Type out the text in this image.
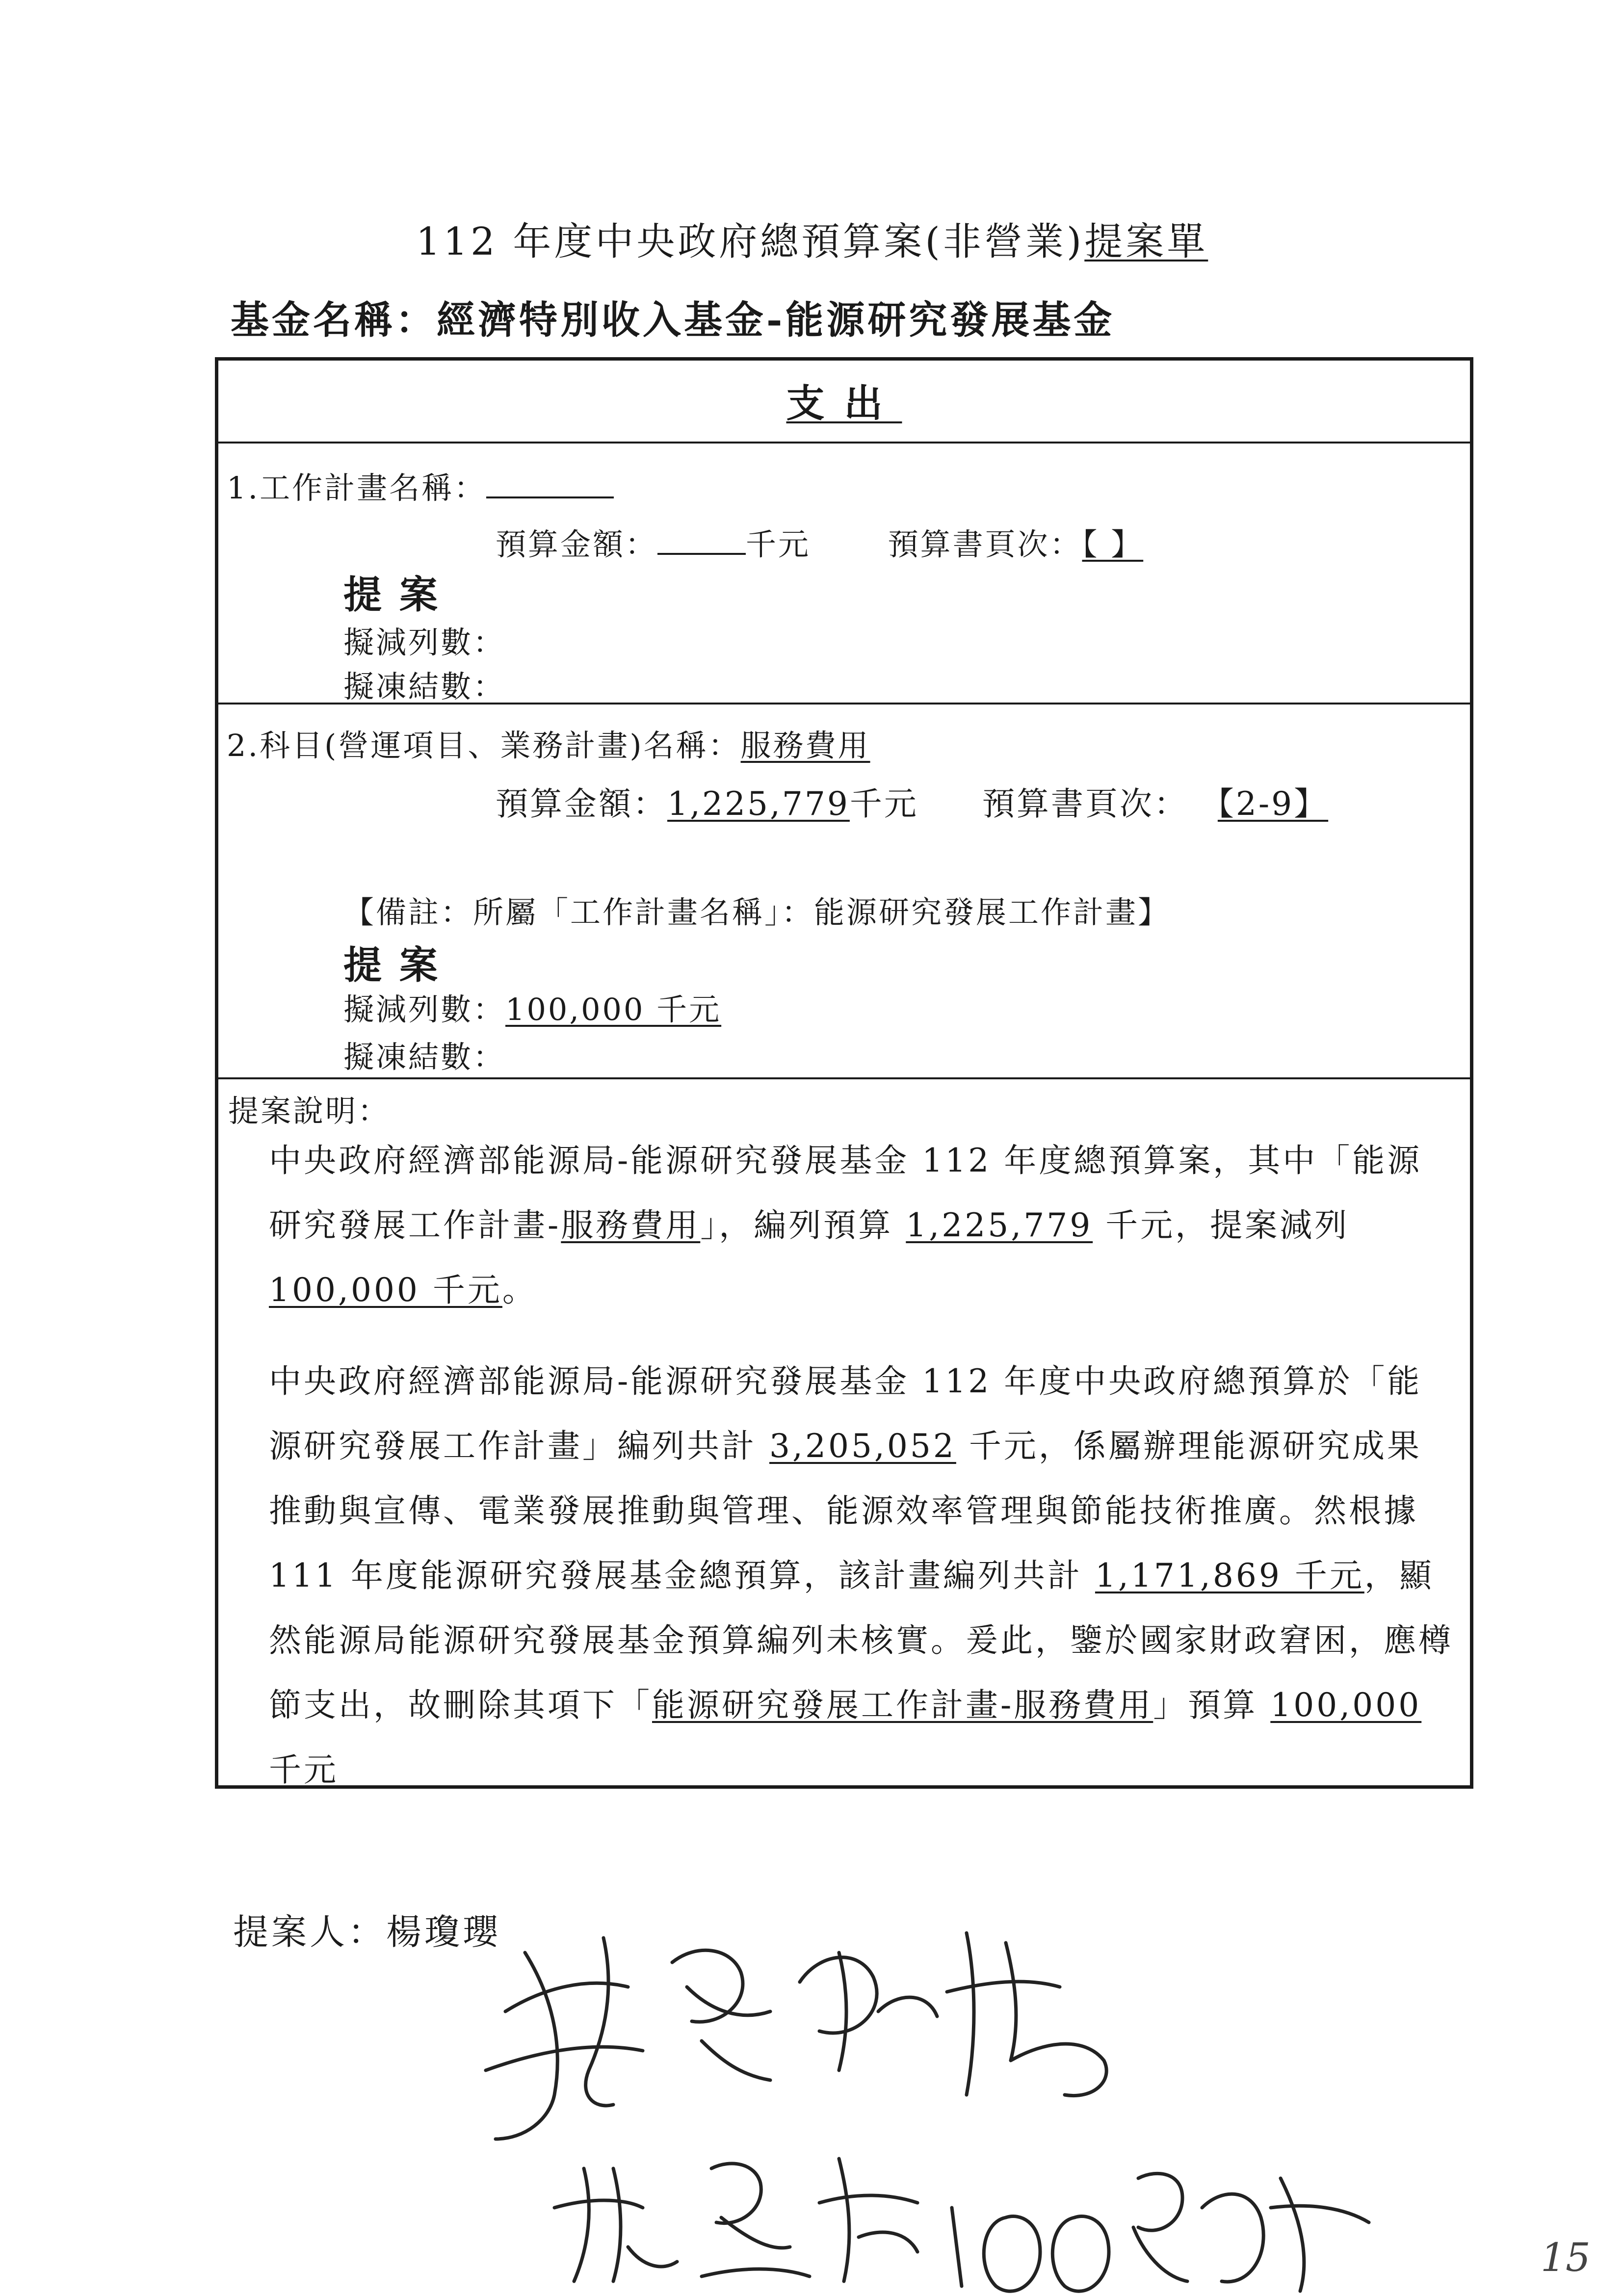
112 年度中央政府總預算案(非營業)提案單
基金名稱：經濟特別收入基金-能源研究發展基金
支出
1.工作計畫名稱：
預算金額：	千元	預算書頁次：【 】
提案
擬減列數：
擬凍結數：
2.科目(營運項目、業務計畫)名稱：服務費用
預算金額：1,225,779千元 預算書頁次： 【2-9】
【備註：所屬「工作計畫名稱」：能源研究發展工作計畫】
提案
擬減列數：100,000 千元
擬凍結數：
提案說明：
中央政府經濟部能源局-能源研究發展基金 112 年度總預算案，其中「能源研究發展工作計畫-服務費用」，編列預算 1,225,779 千元，提案減列 100,000 千元。
中央政府經濟部能源局-能源研究發展基金 112 年度中央政府總預算於「能源研究發展工作計畫」編列共計 3,205,052 千元，係屬辦理能源研究成果推動與宣傳、電業發展推動與管理、能源效率管理與節能技術推廣。然根據 111 年度能源研究發展基金總預算，該計畫編列共計 1,171,869 千元，顯然能源局能源研究發展基金預算編列未核實。爰此，鑒於國家財政窘困，應樽節支出，故刪除其項下「能源研究發展工作計畫-服務費用」預算 100,000 千元
提案人：楊瓊瓔
15
